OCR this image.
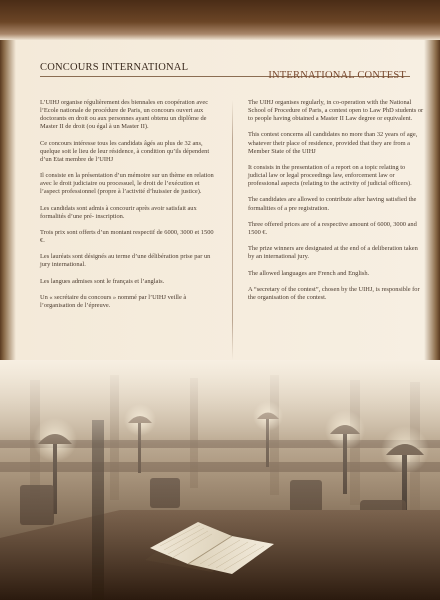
CONCOURS INTERNATIONAL
INTERNATIONAL CONTEST

L’UIHJ organise régulièrement des biennales en coopération avec l’Ecole nationale de procédure de Paris, un concours ouvert aux doctorants en droit ou aux personnes ayant obtenu un diplôme de Master II de droit (ou égal à un Master II).

Ce concours intéresse tous les candidats âgés au plus de 32 ans, quelque soit le lieu de leur résidence, à condition qu’ils dépendent d’un Etat membre de l’UIHJ

Il consiste en la présentation d’un mémoire sur un thème en relation avec le droit judiciaire ou processuel, le droit de l’exécution et l’aspect professionnel (propre à l’activité d’huissier de justice).

Les candidats sont admis à concourir après avoir satisfait aux formalités d’une pré- inscription.

Trois prix sont offerts d’un montant respectif de 6000, 3000 et 1500 €.

Les lauréats sont désignés au terme d’une délibération prise par un jury international.

Les langues admises sont le français et l’anglais.

Un « secrétaire du concours » nommé par l’UIHJ veille à l’organisation de l’épreuve.

The UIHJ organises regularly, in co-operation with the National School of Procedure of Paris, a contest open to Law PhD students or to people having obtained a Master II Law degree or equivalent.

This contest concerns all candidates no more than 32 years of age, whatever their place of residence, provided that they are from a Member State of the UIHJ

It consists in the presentation of a report on a topic relating to judicial law or legal proceedings law, enforcement law or professional aspects (relating to the activity of judicial officers).

The candidates are allowed to contribute after having satisfied the formalities of a pre registration.

Three offered prices are of a respective amount of 6000, 3000 and 1500 €.

The prize winners are designated at the end of a deliberation taken by an international jury.

The allowed languages are French and English.

A “secretary of the contest”, chosen by the UIHJ, is responsible for the organisation of the contest.
